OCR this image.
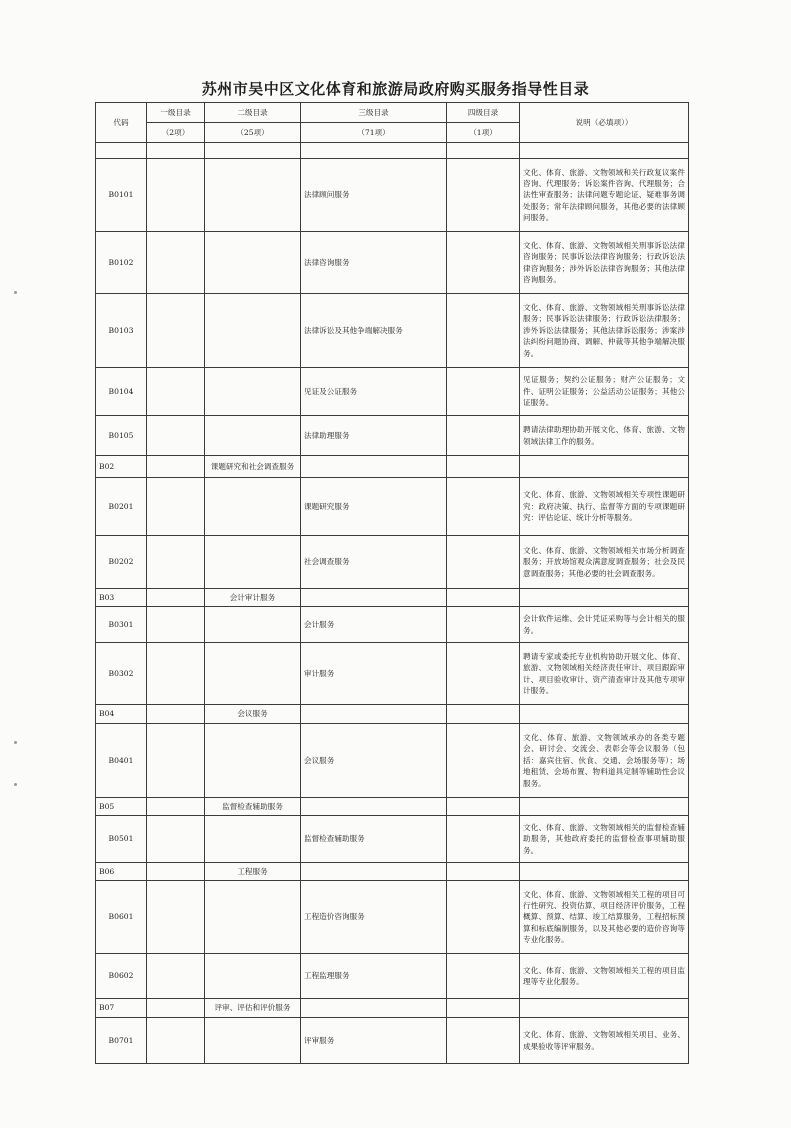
苏州市吴中区文化体育和旅游局政府购买服务指导性目录
代码	一级目录	二级目录	三级目录	四级目录	说明（必填项））
	（2项）	（25项）	（71项）	（1项）	

B0101			法律顾问服务		文化、体育、旅游、文物领域和关行政复议案件咨询、代理服务；诉讼案件咨询、代理服务；合法性审查服务；法律问题专题论证、疑难事务调处服务；常年法律顾问服务，其他必要的法律顾问服务。
B0102			法律咨询服务		文化、体育、旅游、文物领域相关刑事诉讼法律咨询服务；民事诉讼法律咨询服务；行政诉讼法律咨询服务；涉外诉讼法律咨询服务；其他法律咨询服务。
B0103			法律诉讼及其他争端解决服务		文化、体育、旅游、文物领域相关刑事诉讼法律服务；民事诉讼法律服务；行政诉讼法律服务；涉外诉讼法律服务；其他法律诉讼服务；涉案涉法纠纷问题协商、调解、仲裁等其他争端解决服务。
B0104			见证及公证服务		见证服务；契约公证服务；财产公证服务；文件、证明公证服务；公益活动公证服务；其他公证服务。
B0105			法律助理服务		聘请法律助理协助开展文化、体育、旅游、文物领域法律工作的服务。
B02		课题研究和社会调查服务			
B0201			课题研究服务		文化、体育、旅游、文物领域相关专项性课题研究：政府决策、执行、监督等方面的专项课题研究：评估论证、统计分析等服务。
B0202			社会调查服务		文化、体育、旅游、文物领域相关市场分析调查服务；开放场馆观众满意度调查服务；社会及民意调查服务；其他必要的社会调查服务。
B03		会计审计服务			
B0301			会计服务		会计软件运维、会计凭证采购等与会计相关的服务。
B0302			审计服务		聘请专家或委托专业机构协助开展文化、体育、旅游、文物领域相关经济责任审计、项目跟踪审计、项目验收审计、资产清查审计及其他专项审计服务。
B04		会议服务			
B0401			会议服务		文化、体育、旅游、文物领域承办的各类专题会、研讨会、交流会、表彰会等会议服务（包括：嘉宾住宿、伙食、交通、会场服务等）；场地租赁、会场布置、物料道具定制等辅助性会议服务。
B05		监督检查辅助服务			
B0501			监督检查辅助服务		文化、体育、旅游、文物领域相关的监督检查辅助服务，其他政府委托的监督检查事项辅助服务。
B06		工程服务			
B0601			工程造价咨询服务		文化、体育、旅游、文物领域相关工程的项目可行性研究、投资估算、项目经济评价服务，工程概算、预算、结算、竣工结算服务，工程招标预算和标底编制服务，以及其他必要的造价咨询等专业化服务。
B0602			工程监理服务		文化、体育、旅游、文物领域相关工程的项目监理等专业化服务。
B07		评审、评估和评价服务			
B0701			评审服务		文化、体育、旅游、文物领域相关项目、业务、成果验收等评审服务。
